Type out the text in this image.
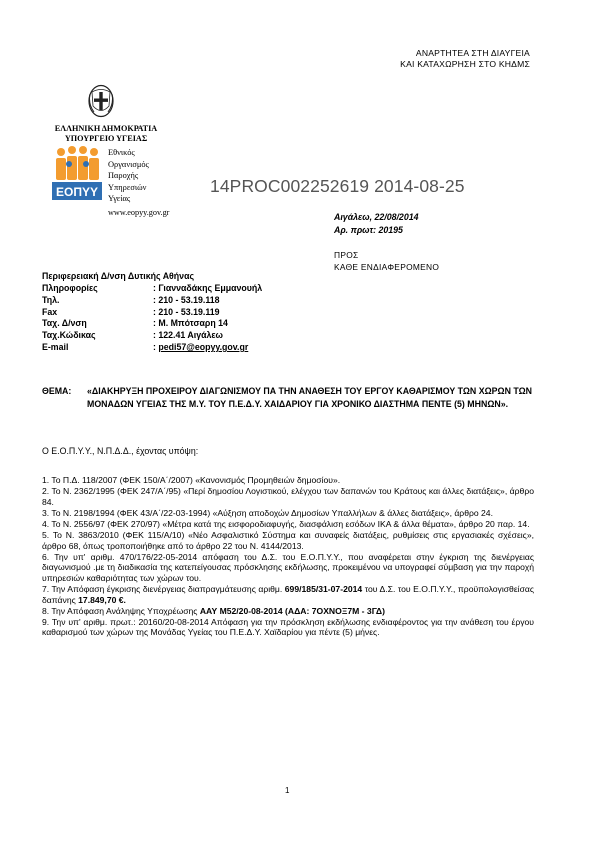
ΑΝΑΡΤΗΤΕΑ ΣΤΗ ΔΙΑΥΓΕΙΑ
ΚΑΙ ΚΑΤΑΧΩΡΗΣΗ ΣΤΟ ΚΗΔΜΣ
ΕΛΛΗΝΙΚΗ ΔΗΜΟΚΡΑΤΙΑ
ΥΠΟΥΡΓΕΙΟ ΥΓΕΙΑΣ
ΕΟΠΥΥ
Εθνικός
Οργανισμός
Παροχής
Υπηρεσιών
Υγείας
www.eopyy.gov.gr
14PROC002252619 2014-08-25
Αιγάλεω, 22/08/2014
Αρ. πρωτ: 20195
ΠΡΟΣ
ΚΑΘΕ ΕΝΔΙΑΦΕΡΟΜΕΝΟ
Περιφερειακή Δ/νση Δυτικής Αθήνας
Πληροφορίες	: Γιανναδάκης Εμμανουήλ
Τηλ.	: 210 - 53.19.118
Fax	: 210 - 53.19.119
Ταχ. Δ/νση	: Μ. Μπότσαρη 14
Ταχ.Κώδικας	: 122.41 Αιγάλεω
E-mail	: pedi57@eopyy.gov.gr
ΘΕΜΑ: «ΔΙΑΚΗΡΥΞΗ ΠΡΟΧΕΙΡΟΥ ΔΙΑΓΩΝΙΣΜΟΥ ΠΑ ΤΗΝ ΑΝΑΘΕΣΗ ΤΟΥ ΕΡΓΟΥ ΚΑΘΑΡΙΣΜΟΥ ΤΩΝ ΧΩΡΩΝ ΤΩΝ ΜΟΝΑΔΩΝ ΥΓΕΙΑΣ ΤΗΣ Μ.Υ. ΤΟΥ Π.Ε.Δ.Υ. ΧΑΙΔΑΡΙΟΥ ΓΙΑ ΧΡΟΝΙΚΟ ΔΙΑΣΤΗΜΑ ΠΕΝΤΕ (5) ΜΗΝΩΝ».
Ο Ε.Ο.Π.Υ.Υ., Ν.Π.Δ.Δ., έχοντας υπόψη:
1. Το Π.Δ. 118/2007 (ΦΕΚ 150/Α΄/2007) «Κανονισμός Προμηθειών δημοσίου».
2. Το Ν. 2362/1995 (ΦΕΚ 247/Α΄/95) «Περί δημοσίου Λογιστικού, ελέγχου των δαπανών του Κράτους και άλλες διατάξεις», άρθρο 84.
3. Το Ν. 2198/1994 (ΦΕΚ 43/Α΄/22-03-1994) «Αύξηση αποδοχών Δημοσίων Υπαλλήλων & άλλες διατάξεις», άρθρο 24.
4. Το Ν. 2556/97 (ΦΕΚ 270/97) «Μέτρα κατά της εισφοροδιαφυγής, διασφάλιση εσόδων ΙΚΑ & άλλα θέματα», άρθρο 20 παρ. 14.
5. Το Ν. 3863/2010 (ΦΕΚ 115/Α/10) «Νέο Ασφαλιστικό Σύστημα και συναφείς διατάξεις, ρυθμίσεις στις εργασιακές σχέσεις», άρθρο 68, όπως τροποποιήθηκε από το άρθρο 22 του Ν. 4144/2013.
6. Την υπ' αριθμ. 470/176/22-05-2014 απόφαση του Δ.Σ. του Ε.Ο.Π.Υ.Υ., που αναφέρεται στην έγκριση της διενέργειας διαγωνισμού .με τη διαδικασία της κατεπείγουσας πρόσκλησης εκδήλωσης, προκειμένου να υπογραφεί σύμβαση για την παροχή υπηρεσιών καθαριότητας των χώρων του.
7. Την Απόφαση έγκρισης διενέργειας διαπραγμάτευσης αριθμ. 699/185/31-07-2014 του Δ.Σ. του Ε.Ο.Π.Υ.Υ., προϋπολογισθείσας δαπάνης 17.849,70 €.
8. Την Απόφαση Ανάληψης Υποχρέωσης ΑΑΥ Μ52/20-08-2014 (ΑΔΑ: 7ΟΧΝΟΞ7Μ - 3ΓΔ)
9. Την υπ' αριθμ. πρωτ.: 20160/20-08-2014 Απόφαση για την πρόσκληση εκδήλωσης ενδιαφέροντος για την ανάθεση του έργου καθαρισμού των χώρων της Μονάδας Υγείας του Π.Ε.Δ.Υ. Χαϊδαρίου για πέντε (5) μήνες.
1
